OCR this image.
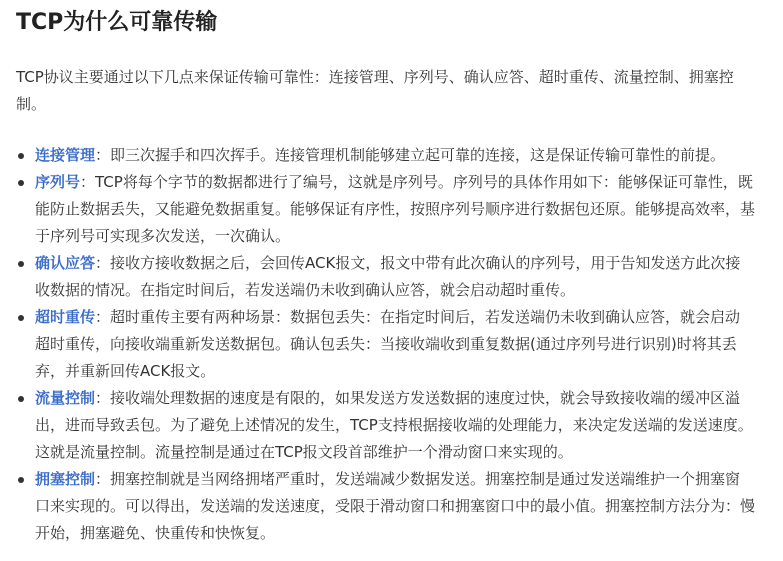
TCP为什么可靠传输

TCP协议主要通过以下几点来保证传输可靠性：连接管理、序列号、确认应答、超时重传、流量控制、拥塞控制。

连接管理：即三次握手和四次挥手。连接管理机制能够建立起可靠的连接，这是保证传输可靠性的前提。
序列号：TCP将每个字节的数据都进行了编号，这就是序列号。序列号的具体作用如下：能够保证可靠性，既能防止数据丢失，又能避免数据重复。能够保证有序性，按照序列号顺序进行数据包还原。能够提高效率，基于序列号可实现多次发送，一次确认。
确认应答：接收方接收数据之后，会回传ACK报文，报文中带有此次确认的序列号，用于告知发送方此次接收数据的情况。在指定时间后，若发送端仍未收到确认应答，就会启动超时重传。
超时重传：超时重传主要有两种场景：数据包丢失：在指定时间后，若发送端仍未收到确认应答，就会启动超时重传，向接收端重新发送数据包。确认包丢失：当接收端收到重复数据(通过序列号进行识别)时将其丢弃，并重新回传ACK报文。
流量控制：接收端处理数据的速度是有限的，如果发送方发送数据的速度过快，就会导致接收端的缓冲区溢出，进而导致丢包。为了避免上述情况的发生，TCP支持根据接收端的处理能力，来决定发送端的发送速度。这就是流量控制。流量控制是通过在TCP报文段首部维护一个滑动窗口来实现的。
拥塞控制：拥塞控制就是当网络拥堵严重时，发送端减少数据发送。拥塞控制是通过发送端维护一个拥塞窗口来实现的。可以得出，发送端的发送速度，受限于滑动窗口和拥塞窗口中的最小值。拥塞控制方法分为：慢开始，拥塞避免、快重传和快恢复。
